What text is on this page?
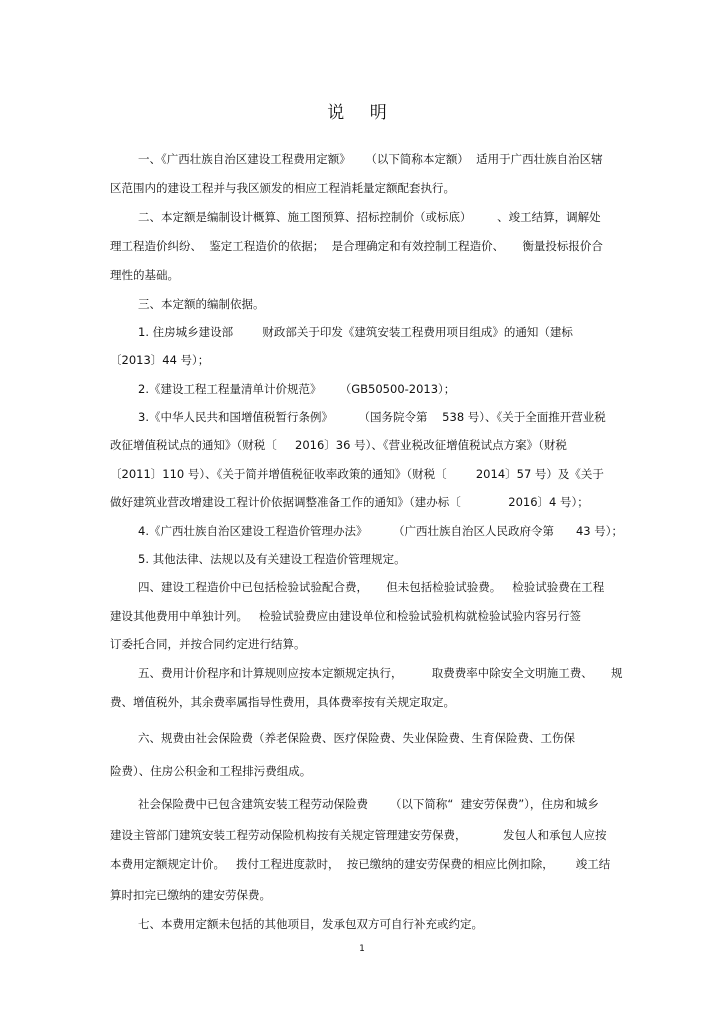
说 明
一、《广西壮族自治区建设工程费用定额》    （以下简称本定额）  适用于广西壮族自治区辖
区范围内的建设工程并与我区颁发的相应工程消耗量定额配套执行。
二、本定额是编制设计概算、施工图预算、招标控制价（或标底）       、竣工结算，调解处
理工程造价纠纷、  鉴定工程造价的依据；  是合理确定和有效控制工程造价、     衡量投标报价合
理性的基础。
三、本定额的编制依据。
1. 住房城乡建设部        财政部关于印发《建筑安装工程费用项目组成》的通知（建标
〔2013〕44 号）；
2.《建设工程工程量清单计价规范》     （GB50500-2013）；
3.《中华人民共和国增值税暂行条例》       （国务院令第    538 号）、《关于全面推开营业税
改征增值税试点的通知》（财税〔     2016〕36 号）、《营业税改征增值税试点方案》（财税
〔2011〕110 号）、《关于简并增值税征收率政策的通知》（财税〔        2014〕57 号）及《关于
做好建筑业营改增建设工程计价依据调整准备工作的通知》（建办标〔             2016〕4 号）；
4.《广西壮族自治区建设工程造价管理办法》       （广西壮族自治区人民政府令第      43 号）；
5. 其他法律、法规以及有关建设工程造价管理规定。
四、建设工程造价中已包括检验试验配合费，     但未包括检验试验费。   检验试验费在工程
建设其他费用中单独计列。   检验试验费应由建设单位和检验试验机构就检验试验内容另行签
订委托合同，并按合同约定进行结算。
五、费用计价程序和计算规则应按本定额规定执行，        取费费率中除安全文明施工费、     规
费、增值税外，其余费率属指导性费用，具体费率按有关规定取定。
六、规费由社会保险费（养老保险费、医疗保险费、失业保险费、生育保险费、工伤保
险费）、住房公积金和工程排污费组成。
社会保险费中已包含建筑安装工程劳动保险费      （以下简称“  建安劳保费”），住房和城乡
建设主管部门建筑安装工程劳动保险机构按有关规定管理建安劳保费，          发包人和承包人应按
本费用定额规定计价。   拨付工程进度款时，  按已缴纳的建安劳保费的相应比例扣除，      竣工结
算时扣完已缴纳的建安劳保费。
七、本费用定额未包括的其他项目，发承包双方可自行补充或约定。
1
